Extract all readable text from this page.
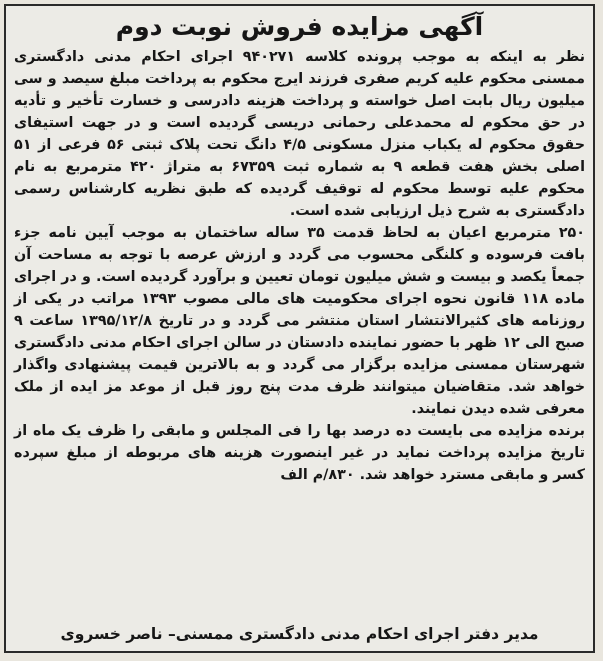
آگهی مزایده فروش نوبت دوم

نظر به اینکه به موجب پرونده کلاسه ۹۴۰۲۷۱ اجرای احکام مدنی دادگستری ممسنی محکوم علیه کریم صفری فرزند ایرج محکوم به پرداخت مبلغ سیصد و سی میلیون ریال بابت اصل خواسته و پرداخت هزینه دادرسی و خسارت تأخیر و تأدیه در حق محکوم له محمدعلی رحمانی دریسی گردیده است و در جهت استیفای حقوق محکوم له یکباب منزل مسکونی ۴/۵ دانگ تحت پلاک ثبتی ۵۶ فرعی از ۵۱ اصلی بخش هفت قطعه ۹ به شماره ثبت ۶۷۳۵۹ به متراژ ۴۲۰ مترمربع به نام محکوم علیه توسط محکوم له توقیف گردیده که طبق نظریه کارشناس رسمی دادگستری به شرح ذیل ارزیابی شده است.

۲۵۰ مترمربع اعیان به لحاظ قدمت ۳۵ ساله ساختمان به موجب آیین نامه جزء بافت فرسوده و کلنگی محسوب می گردد و ارزش عرصه با توجه به مساحت آن جمعاً یکصد و بیست و شش میلیون تومان تعیین و برآورد گردیده است. و در اجرای ماده ۱۱۸ قانون نحوه اجرای محکومیت های مالی مصوب ۱۳۹۳ مراتب در یکی از روزنامه های کثیرالانتشار استان منتشر می گردد و در تاریخ ۱۳۹۵/۱۲/۸ ساعت ۹ صبح الی ۱۲ ظهر با حضور نماینده دادستان در سالن اجرای احکام مدنی دادگستری شهرستان ممسنی مزایده برگزار می گردد و به بالاترین قیمت پیشنهادی واگذار خواهد شد. متقاضیان میتوانند ظرف مدت پنج روز قبل از موعد مز ایده از ملک معرفی شده دیدن نمایند.

برنده مزایده می بایست ده درصد بها را فی المجلس و مابقی را ظرف یک ماه از تاریخ مزایده پرداخت نماید در غیر اینصورت هزینه های مربوطه از مبلغ سپرده کسر و مابقی مسترد خواهد شد. ۸۳۰/م الف

مدیر دفتر اجرای احکام مدنی دادگستری ممسنی– ناصر خسروی
